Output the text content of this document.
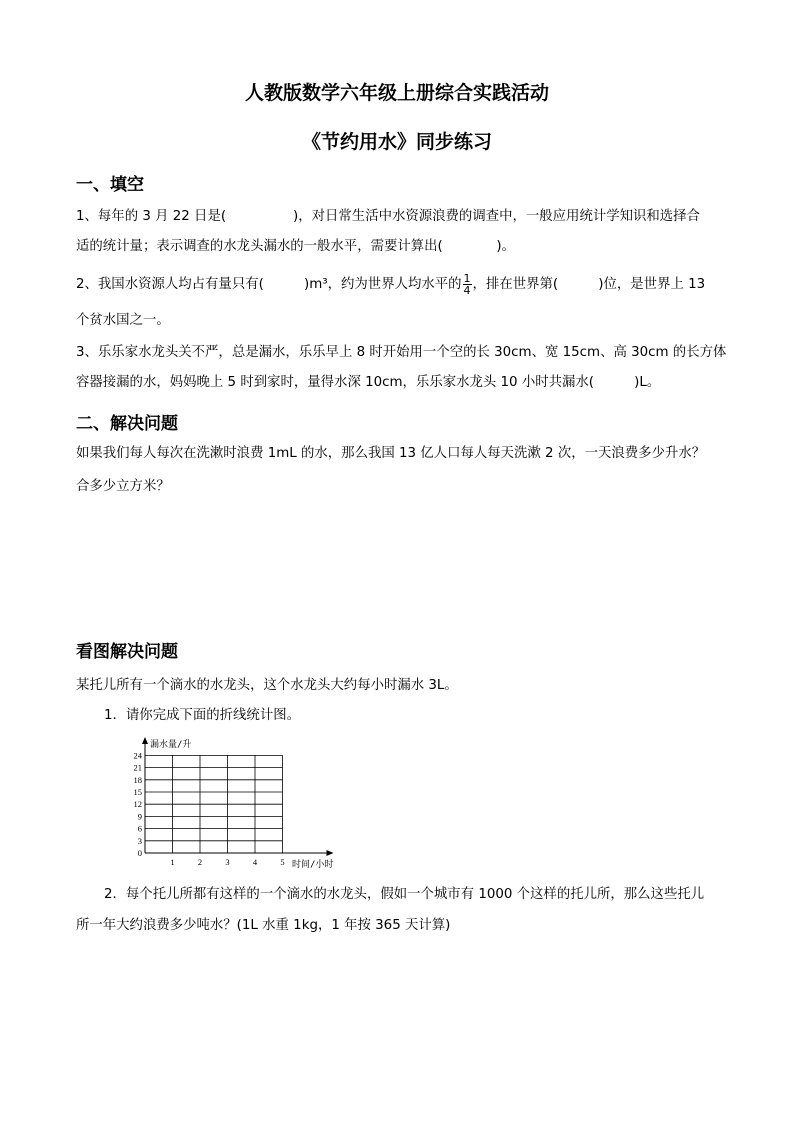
人教版数学六年级上册综合实践活动
《节约用水》同步练习
一、填空
1、每年的 3 月 22 日是(　　　　　)，对日常生活中水资源浪费的调查中，一般应用统计学知识和选择合
适的统计量；表示调查的水龙头漏水的一般水平，需要计算出(　　　　)。
2、我国水资源人均占有量只有(　　　)m³，约为世界人均水平的 $\frac{1}{4}$ ，排在世界第(　　　)位，是世界上 13
个贫水国之一。
3、乐乐家水龙头关不严，总是漏水，乐乐早上 8 时开始用一个空的长 30cm、宽 15cm、高 30cm 的长方体
容器接漏的水，妈妈晚上 5 时到家时，量得水深 10cm，乐乐家水龙头 10 小时共漏水(　　　)L。
二、解决问题
如果我们每人每次在洗漱时浪费 1mL 的水，那么我国 13 亿人口每人每天洗漱 2 次，一天浪费多少升水？
合多少立方米？
看图解决问题
某托儿所有一个滴水的水龙头，这个水龙头大约每小时漏水 3L。
1．请你完成下面的折线统计图。
漏水量/升
时间/小时
0
3
6
9
12
15
18
21
24
1	2	3	4	5
2．每个托儿所都有这样的一个滴水的水龙头，假如一个城市有 1000 个这样的托儿所，那么这些托儿
所一年大约浪费多少吨水？(1L 水重 1kg，1 年按 365 天计算)
